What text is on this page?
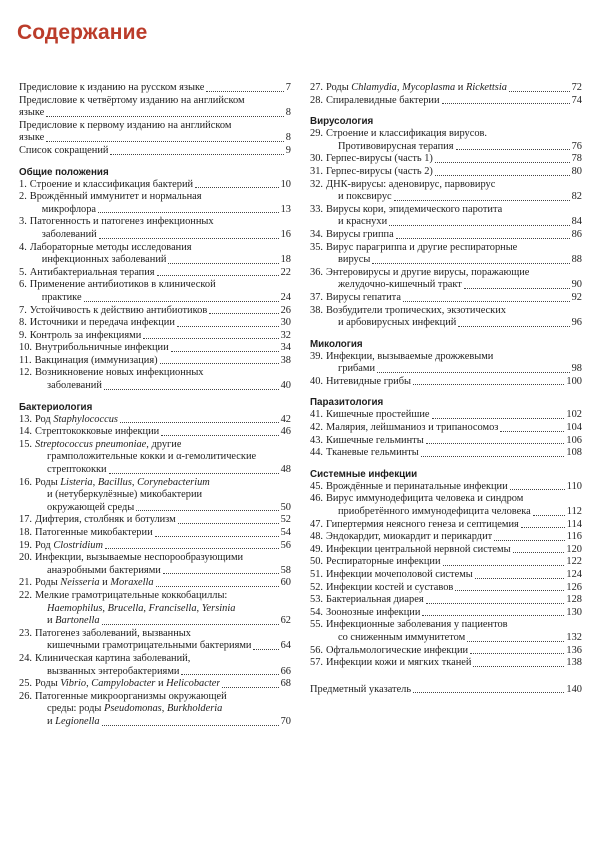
Содержание
Предисловие к изданию на русском языке	7
Предисловие к четвёртому изданию на английском
языке	8
Предисловие к первому изданию на английском
языке	8
Список сокращений	9
Общие положения
1. Строение и классификация бактерий	10
2. Врождённый иммунитет и нормальная
микрофлора	13
3. Патогенность и патогенез инфекционных
заболеваний	16
4. Лабораторные методы исследования
инфекционных заболеваний	18
5. Антибактериальная терапия	22
6. Применение антибиотиков в клинической
практике	24
7. Устойчивость к действию антибиотиков	26
8. Источники и передача инфекции	30
9. Контроль за инфекциями	32
10. Внутрибольничные инфекции	34
11. Вакцинация (иммунизация)	38
12. Возникновение новых инфекционных
заболеваний	40
Бактериология
13. Род Staphylococcus	42
14. Стрептококковые инфекции	46
15. Streptococcus pneumoniae, другие
грамположительные кокки и α-гемолитические
стрептококки	48
16. Роды Listeria, Bacillus, Corynebacterium
и (нетуберкулёзные) микобактерии
окружающей среды	50
17. Дифтерия, столбняк и ботулизм	52
18. Патогенные микобактерии	54
19. Род Clostridium	56
20. Инфекции, вызываемые неспорообразующими
анаэробными бактериями	58
21. Роды Neisseria и Moraxella	60
22. Мелкие грамотрицательные коккобациллы:
Haemophilus, Brucella, Francisella, Yersinia
и Bartonella	62
23. Патогенез заболеваний, вызванных
кишечными грамотрицательными бактериями	64
24. Клиническая картина заболеваний,
вызванных энтеробактериями	66
25. Роды Vibrio, Campylobacter и Helicobacter	68
26. Патогенные микроорганизмы окружающей
среды: роды Pseudomonas, Burkholderia
и Legionella	70
27. Роды Chlamydia, Mycoplasma и Rickettsia	72
28. Спиралевидные бактерии	74
Вирусология
29. Строение и классификация вирусов.
Противовирусная терапия	76
30. Герпес-вирусы (часть 1)	78
31. Герпес-вирусы (часть 2)	80
32. ДНК-вирусы: аденовирус, парвовирус
и поксвирус	82
33. Вирусы кори, эпидемического паротита
и краснухи	84
34. Вирусы гриппа	86
35. Вирус парагриппа и другие респираторные
вирусы	88
36. Энтеровирусы и другие вирусы, поражающие
желудочно-кишечный тракт	90
37. Вирусы гепатита	92
38. Возбудители тропических, экзотических
и арбовирусных инфекций	96
Микология
39. Инфекции, вызываемые дрожжевыми
грибами	98
40. Нитевидные грибы	100
Паразитология
41. Кишечные простейшие	102
42. Малярия, лейшманиоз и трипаносомоз	104
43. Кишечные гельминты	106
44. Тканевые гельминты	108
Системные инфекции
45. Врождённые и перинатальные инфекции	110
46. Вирус иммунодефицита человека и синдром
приобретённого иммунодефицита человека	112
47. Гипертермия неясного генеза и септицемия	114
48. Эндокардит, миокардит и перикардит	116
49. Инфекции центральной нервной системы	120
50. Респираторные инфекции	122
51. Инфекции мочеполовой системы	124
52. Инфекции костей и суставов	126
53. Бактериальная диарея	128
54. Зоонозные инфекции	130
55. Инфекционные заболевания у пациентов
со сниженным иммунитетом	132
56. Офтальмологические инфекции	136
57. Инфекции кожи и мягких тканей	138
Предметный указатель	140
